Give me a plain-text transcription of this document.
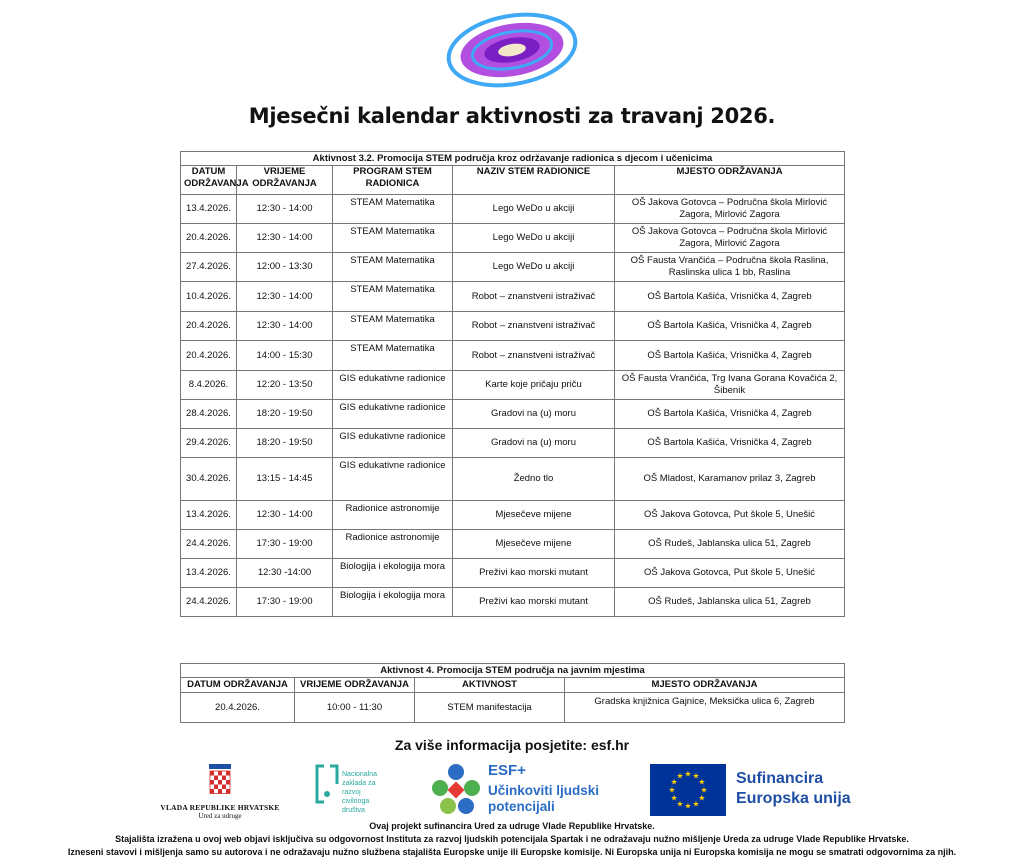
Mjesečni kalendar aktivnosti za travanj 2026.
Aktivnost 3.2. Promocija STEM područja kroz održavanje radionica s djecom i učenicima				
DATUM ODRŽAVANJA	VRIJEME ODRŽAVANJA	PROGRAM STEM RADIONICA	NAZIV STEM RADIONICE	MJESTO ODRŽAVANJA
13.4.2026.	12:30 - 14:00	STEAM Matematika	Lego WeDo u akciji	OŠ Jakova Gotovca – Područna škola Mirlović Zagora, Mirlović Zagora
20.4.2026.	12:30 - 14:00	STEAM Matematika	Lego WeDo u akciji	OŠ Jakova Gotovca – Područna škola Mirlović Zagora, Mirlović Zagora
27.4.2026.	12:00 - 13:30	STEAM Matematika	Lego WeDo u akciji	OŠ Fausta Vrančića – Područna škola Raslina, Raslinska ulica 1 bb, Raslina
10.4.2026.	12:30 - 14:00	STEAM Matematika	Robot – znanstveni istraživač	OŠ Bartola Kašića, Vrisnička 4, Zagreb
20.4.2026.	12:30 - 14:00	STEAM Matematika	Robot – znanstveni istraživač	OŠ Bartola Kašića, Vrisnička 4, Zagreb
20.4.2026.	14:00 - 15:30	STEAM Matematika	Robot – znanstveni istraživač	OŠ Bartola Kašića, Vrisnička 4, Zagreb
8.4.2026.	12:20 - 13:50	GIS edukativne radionice	Karte koje pričaju priču	OŠ Fausta Vrančića, Trg Ivana Gorana Kovačića 2, Šibenik
28.4.2026.	18:20 - 19:50	GIS edukativne radionice	Gradovi na (u) moru	OŠ Bartola Kašića, Vrisnička 4, Zagreb
29.4.2026.	18:20 - 19:50	GIS edukativne radionice	Gradovi na (u) moru	OŠ Bartola Kašića, Vrisnička 4, Zagreb
30.4.2026.	13:15 - 14:45	GIS edukativne radionice	Žedno tlo	OŠ Mladost, Karamanov prilaz 3, Zagreb
13.4.2026.	12:30 - 14:00	Radionice astronomije	Mjesečeve mijene	OŠ Jakova Gotovca, Put škole 5, Unešić
24.4.2026.	17:30 - 19:00	Radionice astronomije	Mjesečeve mijene	OŠ Rudeš, Jablanska ulica 51, Zagreb
13.4.2026.	12:30 -14:00	Biologija i ekologija mora	Preživi kao morski mutant	OŠ Jakova Gotovca, Put škole 5, Unešić
24.4.2026.	17:30 - 19:00	Biologija i ekologija mora	Preživi kao morski mutant	OŠ Rudeš, Jablanska ulica 51, Zagreb
Aktivnost 4. Promocija STEM područja na javnim mjestima			
DATUM ODRŽAVANJA	VRIJEME ODRŽAVANJA	AKTIVNOST	MJESTO ODRŽAVANJA
20.4.2026.	10:00 - 11:30	STEM manifestacija	Gradska knjižnica Gajnice, Meksička ulica 6, Zagreb
Za više informacija posjetite: esf.hr
VLADA REPUBLIKE HRVATSKE
Ured za udruge
Nacionalna
zaklada za
razvoj
civilnoga
društva
ESF+
Učinkoviti ljudski
potencijali
★
★
★
★
★
★
★
★
★ ★ ★
★ Sufinancira
Europska unija
Ovaj projekt sufinancira Ured za udruge Vlade Republike Hrvatske.
Stajališta izražena u ovoj web objavi isključiva su odgovornost Instituta za razvoj ljudskih potencijala Spartak i ne odražavaju nužno mišljenje Ureda za udruge Vlade Republike Hrvatske.
Izneseni stavovi i mišljenja samo su autorova i ne odražavaju nužno službena stajališta Europske unije ili Europske komisije. Ni Europska unija ni Europska komisija ne mogu se smatrati odgovornima za njih.
